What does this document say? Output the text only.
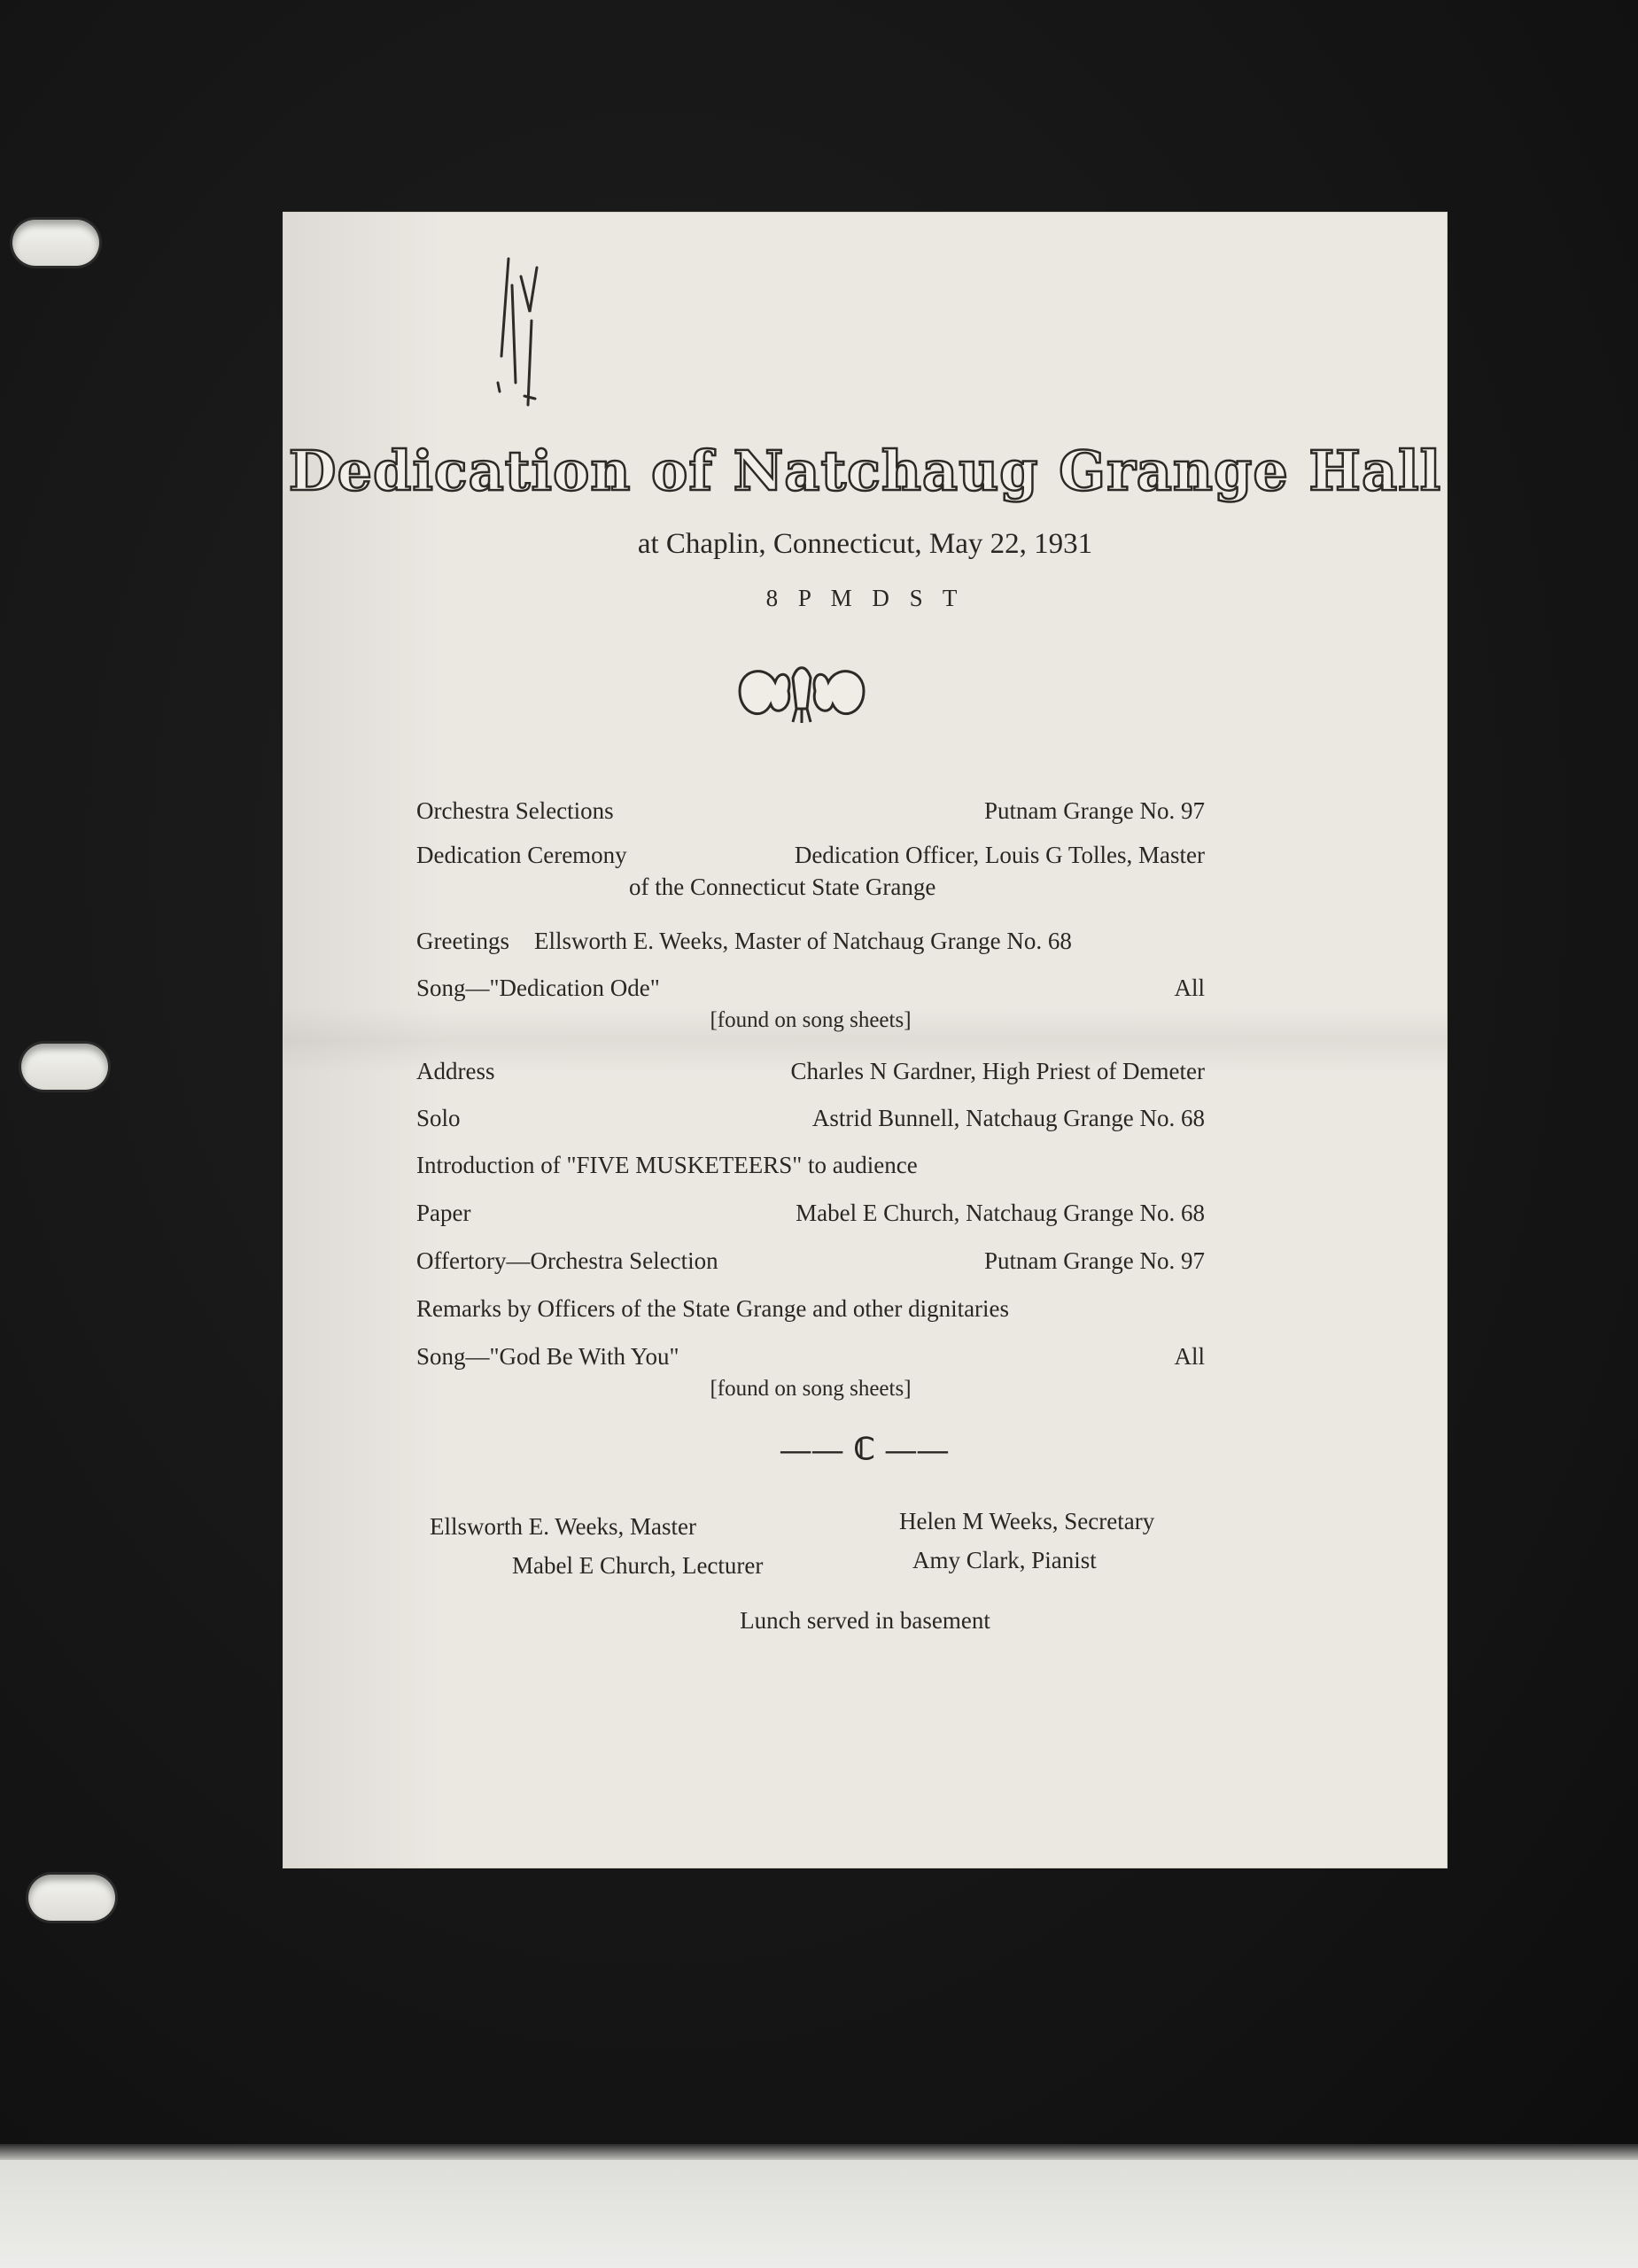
Dedication of Natchaug Grange Hall

at Chaplin, Connecticut, May 22, 1931

8 P M D S T

Orchestra Selections	Putnam Grange No. 97
Dedication Ceremony	Dedication Officer, Louis G Tolles, Master
of the Connecticut State Grange
Greetings Ellsworth E. Weeks, Master of Natchaug Grange No. 68
Song—"Dedication Ode"	All
[found on song sheets]
Address	Charles N Gardner, High Priest of Demeter
Solo	Astrid Bunnell, Natchaug Grange No. 68
Introduction of "FIVE MUSKETEERS" to audience
Paper	Mabel E Church, Natchaug Grange No. 68
Offertory—Orchestra Selection	Putnam Grange No. 97
Remarks by Officers of the State Grange and other dignitaries
Song—"God Be With You"	All
[found on song sheets]
—— ℂ ——
Ellsworth E. Weeks, Master
Mabel E Church, Lecturer
Helen M Weeks, Secretary
Amy Clark, Pianist
Lunch served in basement
